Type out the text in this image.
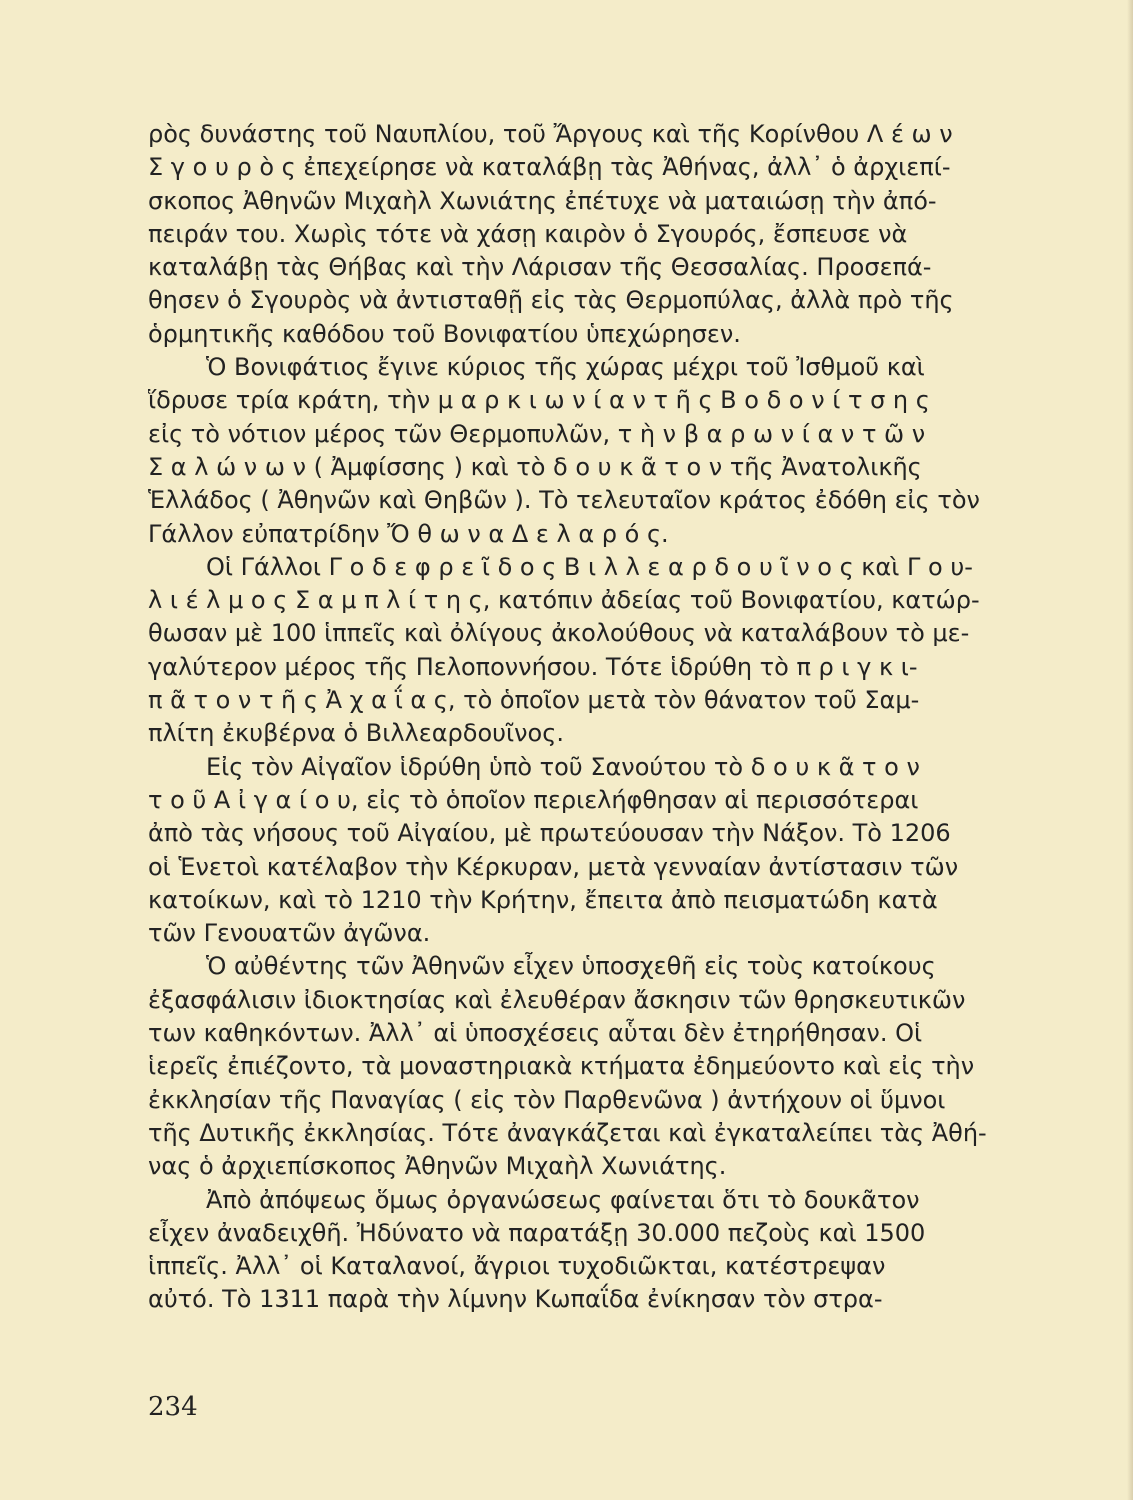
ρὸς δυνάστης τοῦ Ναυπλίου, τοῦ Ἄργους καὶ τῆς Κορίνθου Λ έ ω ν
Σ γ ο υ ρ ὸ ς ἐπεχείρησε νὰ καταλάβῃ τὰς Ἀθήνας, ἀλλ᾽ ὁ ἀρχιεπί-
σκοπος Ἀθηνῶν Μιχαὴλ Χωνιάτης ἐπέτυχε νὰ ματαιώσῃ τὴν ἀπό-
πειράν του. Χωρὶς τότε νὰ χάσῃ καιρὸν ὁ Σγουρός, ἔσπευσε νὰ
καταλάβῃ τὰς Θήβας καὶ τὴν Λάρισαν τῆς Θεσσαλίας. Προσεπά-
θησεν ὁ Σγουρὸς νὰ ἀντισταθῇ εἰς τὰς Θερμοπύλας, ἀλλὰ πρὸ τῆς
ὁρμητικῆς καθόδου τοῦ Βονιφατίου ὑπεχώρησεν.
Ὁ Βονιφάτιος ἔγινε κύριος τῆς χώρας μέχρι τοῦ Ἰσθμοῦ καὶ
ἵδρυσε τρία κράτη, τὴν μ α ρ κ ι ω ν ί α ν τ ῆ ς Β ο δ ο ν ί τ σ η ς
εἰς τὸ νότιον μέρος τῶν Θερμοπυλῶν, τ ὴ ν β α ρ ω ν ί α ν τ ῶ ν
Σ α λ ώ ν ω ν ( Ἀμφίσσης ) καὶ τὸ δ ο υ κ ᾶ τ ο ν τῆς Ἀνατολικῆς
Ἑλλάδος ( Ἀθηνῶν καὶ Θηβῶν ). Τὸ τελευταῖον κράτος ἐδόθη εἰς τὸν
Γάλλον εὐπατρίδην Ὄ θ ω ν α Δ ε λ α ρ ό ς.
Οἱ Γάλλοι Γ ο δ ε φ ρ ε ῖ δ ο ς Β ι λ λ ε α ρ δ ο υ ῖ ν ο ς καὶ Γ ο υ-
λ ι έ λ μ ο ς Σ α μ π λ ί τ η ς, κατόπιν ἀδείας τοῦ Βονιφατίου, κατώρ-
θωσαν μὲ 100 ἱππεῖς καὶ ὀλίγους ἀκολούθους νὰ καταλάβουν τὸ με-
γαλύτερον μέρος τῆς Πελοποννήσου. Τότε ἱδρύθη τὸ π ρ ι γ κ ι-
π ᾶ τ ο ν τ ῆ ς Ἀ χ α ΐ α ς, τὸ ὁποῖον μετὰ τὸν θάνατον τοῦ Σαμ-
πλίτη ἐκυβέρνα ὁ Βιλλεαρδουῖνος.
Εἰς τὸν Αἰγαῖον ἱδρύθη ὑπὸ τοῦ Σανούτου τὸ δ ο υ κ ᾶ τ ο ν
τ ο ῦ Α ἰ γ α ί ο υ, εἰς τὸ ὁποῖον περιελήφθησαν αἱ περισσότεραι
ἀπὸ τὰς νήσους τοῦ Αἰγαίου, μὲ πρωτεύουσαν τὴν Νάξον. Τὸ 1206
οἱ Ἑνετοὶ κατέλαβον τὴν Κέρκυραν, μετὰ γενναίαν ἀντίστασιν τῶν
κατοίκων, καὶ τὸ 1210 τὴν Κρήτην, ἔπειτα ἀπὸ πεισματώδη κατὰ
τῶν Γενουατῶν ἀγῶνα.
Ὁ αὐθέντης τῶν Ἀθηνῶν εἶχεν ὑποσχεθῆ εἰς τοὺς κατοίκους
ἐξασφάλισιν ἰδιοκτησίας καὶ ἐλευθέραν ἄσκησιν τῶν θρησκευτικῶν
των καθηκόντων. Ἀλλ᾽ αἱ ὑποσχέσεις αὗται δὲν ἐτηρήθησαν. Οἱ
ἱερεῖς ἐπιέζοντο, τὰ μοναστηριακὰ κτήματα ἐδημεύοντο καὶ εἰς τὴν
ἐκκλησίαν τῆς Παναγίας ( εἰς τὸν Παρθενῶνα ) ἀντήχουν οἱ ὕμνοι
τῆς Δυτικῆς ἐκκλησίας. Τότε ἀναγκάζεται καὶ ἐγκαταλείπει τὰς Ἀθή-
νας ὁ ἀρχιεπίσκοπος Ἀθηνῶν Μιχαὴλ Χωνιάτης.
Ἀπὸ ἀπόψεως ὅμως ὀργανώσεως φαίνεται ὅτι τὸ δουκᾶτον
εἶχεν ἀναδειχθῆ. Ἠδύνατο νὰ παρατάξῃ 30.000 πεζοὺς καὶ 1500
ἱππεῖς. Ἀλλ᾽ οἱ Καταλανοί, ἄγριοι τυχοδιῶκται, κατέστρεψαν
αὐτό. Τὸ 1311 παρὰ τὴν λίμνην Κωπαΐδα ἐνίκησαν τὸν στρα-
234
